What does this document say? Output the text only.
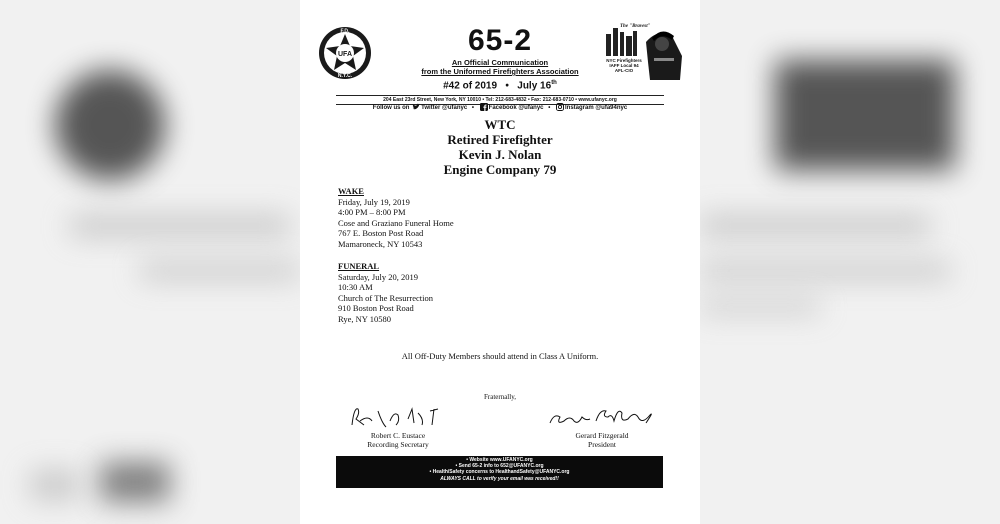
F.D.
UFA
N.Y.C.
65-2
An Official Communication
from the Uniformed Firefighters Association
#42 of 2019 • July 16th
The "Bravest"
NYC Firefighters
IAFF Local 94
AFL-CIO
204 East 23rd Street, New York, NY 10010 • Tel: 212-683-4832 • Fax: 212-683-0710 • www.ufanyc.org
Follow us on Twitter @ufanyc • Facebook @ufanyc • Instagram @ufa94nyc
WTC
Retired Firefighter
Kevin J. Nolan
Engine Company 79
WAKE
Friday, July 19, 2019
4:00 PM – 8:00 PM
Cose and Graziano Funeral Home
767 E. Boston Post Road
Mamaroneck, NY 10543
FUNERAL
Saturday, July 20, 2019
10:30 AM
Church of The Resurrection
910 Boston Post Road
Rye, NY 10580
All Off-Duty Members should attend in Class A Uniform.
Fraternally,
Robert C. Eustace
Recording Secretary
Gerard Fitzgerald
President
• Website www.UFANYC.org
• Send 65-2 info to 652@UFANYC.org
• Health/Safety concerns to HealthandSafety@UFANYC.org
ALWAYS CALL to verify your email was received!!
